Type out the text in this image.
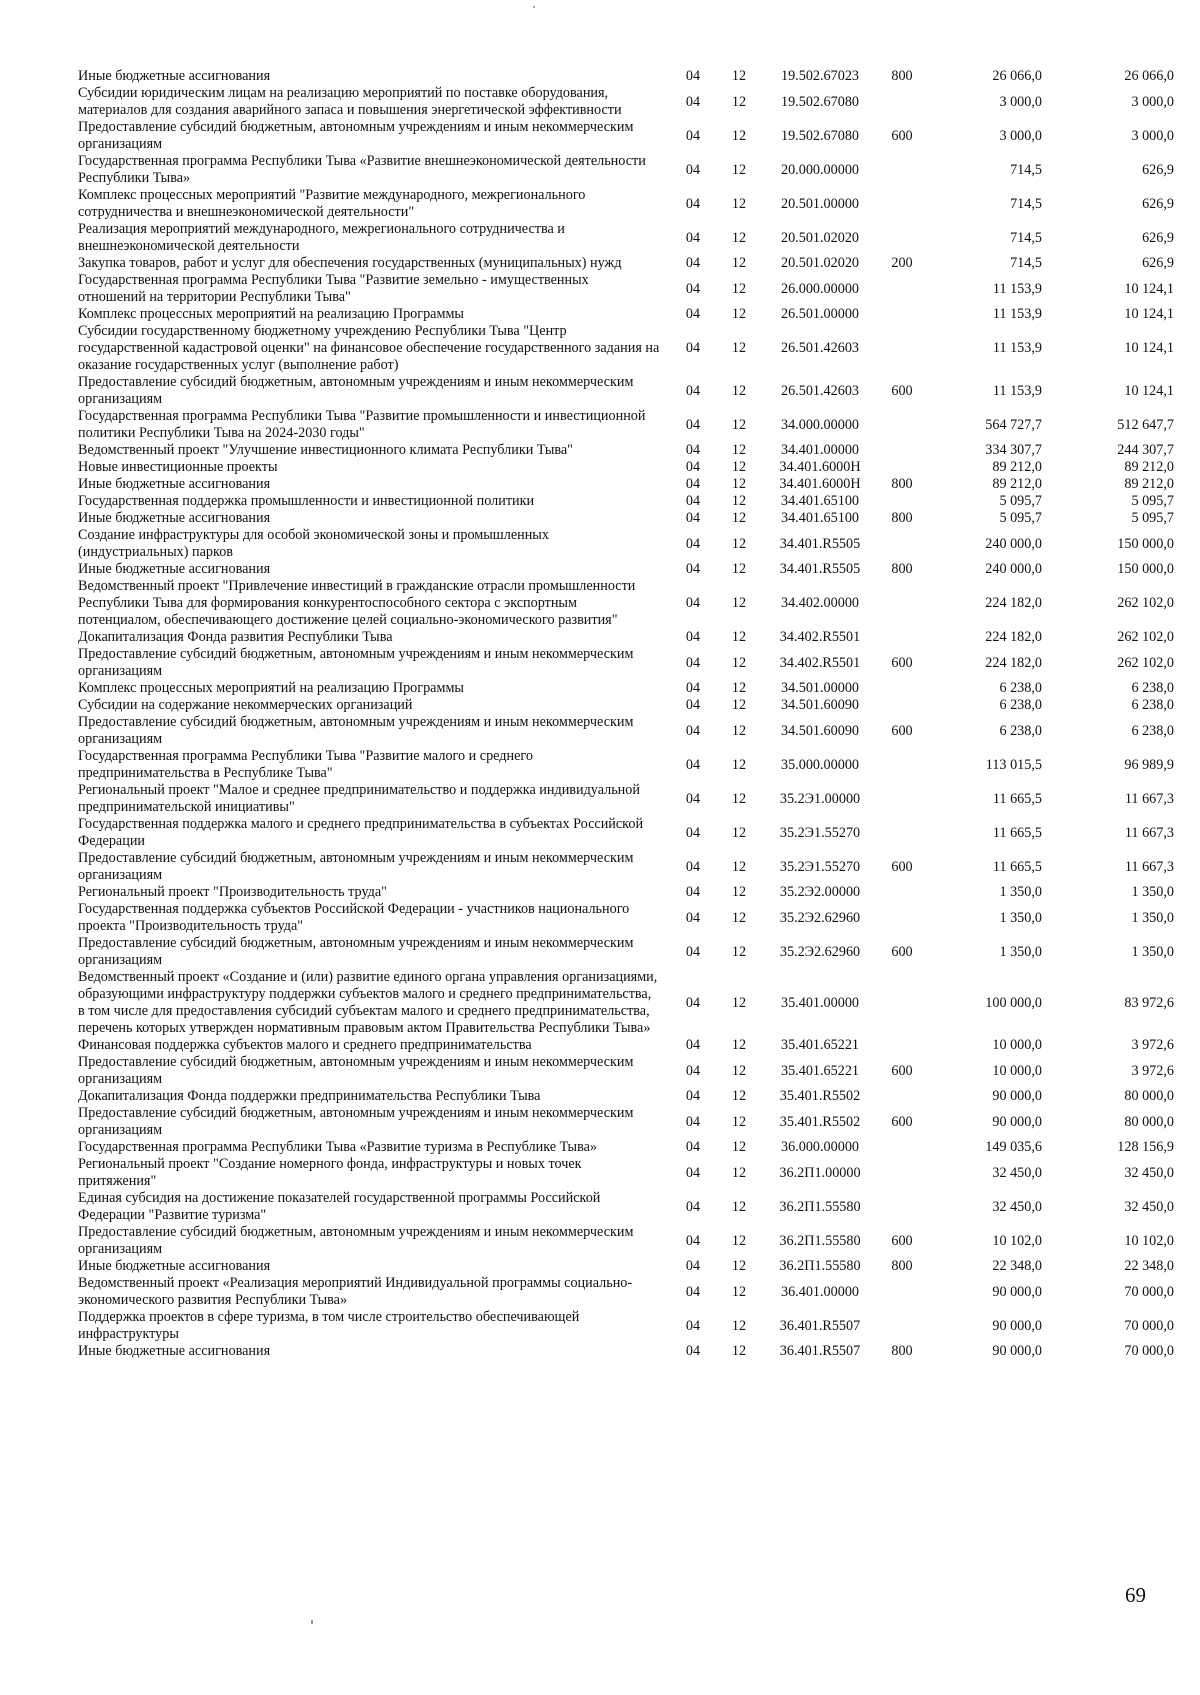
Иные бюджетные ассигнования	04	12	19.502.67023	800	26 066,0	26 066,0
Субсидии юридическим лицам на реализацию мероприятий по поставке оборудования, материалов для создания аварийного запаса и повышения энергетической эффективности	04	12	19.502.67080		3 000,0	3 000,0
Предоставление субсидий бюджетным, автономным учреждениям и иным некоммерческим организациям	04	12	19.502.67080	600	3 000,0	3 000,0
Государственная программа Республики Тыва «Развитие внешнеэкономической деятельности Республики Тыва»	04	12	20.000.00000		714,5	626,9
Комплекс процессных мероприятий "Развитие международного, межрегионального сотрудничества и внешнеэкономической деятельности"	04	12	20.501.00000		714,5	626,9
Реализация мероприятий международного, межрегионального сотрудничества и внешнеэкономической деятельности	04	12	20.501.02020		714,5	626,9
Закупка товаров, работ и услуг для обеспечения государственных (муниципальных) нужд	04	12	20.501.02020	200	714,5	626,9
Государственная программа Республики Тыва "Развитие земельно - имущественных отношений на территории Республики Тыва"	04	12	26.000.00000		11 153,9	10 124,1
Комплекс процессных мероприятий на реализацию Программы	04	12	26.501.00000		11 153,9	10 124,1
Субсидии государственному бюджетному учреждению Республики Тыва "Центр государственной кадастровой оценки" на финансовое обеспечение государственного задания на оказание государственных услуг (выполнение работ)	04	12	26.501.42603		11 153,9	10 124,1
Предоставление субсидий бюджетным, автономным учреждениям и иным некоммерческим организациям	04	12	26.501.42603	600	11 153,9	10 124,1
Государственная программа Республики Тыва "Развитие промышленности и инвестиционной политики Республики Тыва на 2024-2030 годы"	04	12	34.000.00000		564 727,7	512 647,7
Ведомственный проект "Улучшение инвестиционного климата Республики Тыва"	04	12	34.401.00000		334 307,7	244 307,7
Новые инвестиционные проекты	04	12	34.401.6000Н		89 212,0	89 212,0
Иные бюджетные ассигнования	04	12	34.401.6000Н	800	89 212,0	89 212,0
Государственная поддержка промышленности и инвестиционной политики	04	12	34.401.65100		5 095,7	5 095,7
Иные бюджетные ассигнования	04	12	34.401.65100	800	5 095,7	5 095,7
Создание инфраструктуры для особой экономической зоны и промышленных (индустриальных) парков	04	12	34.401.R5505		240 000,0	150 000,0
Иные бюджетные ассигнования	04	12	34.401.R5505	800	240 000,0	150 000,0
Ведомственный проект "Привлечение инвестиций в гражданские отрасли промышленности Республики Тыва для формирования конкурентоспособного сектора с экспортным потенциалом, обеспечивающего достижение целей социально-экономического развития"	04	12	34.402.00000		224 182,0	262 102,0
Докапитализация Фонда развития Республики Тыва	04	12	34.402.R5501		224 182,0	262 102,0
Предоставление субсидий бюджетным, автономным учреждениям и иным некоммерческим организациям	04	12	34.402.R5501	600	224 182,0	262 102,0
Комплекс процессных мероприятий на реализацию Программы	04	12	34.501.00000		6 238,0	6 238,0
Субсидии на содержание некоммерческих организаций	04	12	34.501.60090		6 238,0	6 238,0
Предоставление субсидий бюджетным, автономным учреждениям и иным некоммерческим организациям	04	12	34.501.60090	600	6 238,0	6 238,0
Государственная программа Республики Тыва "Развитие малого и среднего предпринимательства в Республике Тыва"	04	12	35.000.00000		113 015,5	96 989,9
Региональный проект "Малое и среднее предпринимательство и поддержка индивидуальной предпринимательской инициативы"	04	12	35.2Э1.00000		11 665,5	11 667,3
Государственная поддержка малого и среднего предпринимательства в субъектах Российской Федерации	04	12	35.2Э1.55270		11 665,5	11 667,3
Предоставление субсидий бюджетным, автономным учреждениям и иным некоммерческим организациям	04	12	35.2Э1.55270	600	11 665,5	11 667,3
Региональный проект "Производительность труда"	04	12	35.2Э2.00000		1 350,0	1 350,0
Государственная поддержка субъектов Российской Федерации - участников национального проекта "Производительность труда"	04	12	35.2Э2.62960		1 350,0	1 350,0
Предоставление субсидий бюджетным, автономным учреждениям и иным некоммерческим организациям	04	12	35.2Э2.62960	600	1 350,0	1 350,0
Ведомственный проект «Создание и (или) развитие единого органа управления организациями, образующими инфраструктуру поддержки субъектов малого и среднего предпринимательства, в том числе для предоставления субсидий субъектам малого и среднего предпринимательства, перечень которых утвержден нормативным правовым актом Правительства Республики Тыва»	04	12	35.401.00000		100 000,0	83 972,6
Финансовая поддержка субъектов малого и среднего предпринимательства	04	12	35.401.65221		10 000,0	3 972,6
Предоставление субсидий бюджетным, автономным учреждениям и иным некоммерческим организациям	04	12	35.401.65221	600	10 000,0	3 972,6
Докапитализация Фонда поддержки предпринимательства Республики Тыва	04	12	35.401.R5502		90 000,0	80 000,0
Предоставление субсидий бюджетным, автономным учреждениям и иным некоммерческим организациям	04	12	35.401.R5502	600	90 000,0	80 000,0
Государственная программа Республики Тыва «Развитие туризма в Республике Тыва»	04	12	36.000.00000		149 035,6	128 156,9
Региональный проект "Создание номерного фонда, инфраструктуры и новых точек притяжения"	04	12	36.2П1.00000		32 450,0	32 450,0
Единая субсидия на достижение показателей государственной программы Российской Федерации "Развитие туризма"	04	12	36.2П1.55580		32 450,0	32 450,0
Предоставление субсидий бюджетным, автономным учреждениям и иным некоммерческим организациям	04	12	36.2П1.55580	600	10 102,0	10 102,0
Иные бюджетные ассигнования	04	12	36.2П1.55580	800	22 348,0	22 348,0
Ведомственный проект «Реализация мероприятий Индивидуальной программы социально-экономического развития Республики Тыва»	04	12	36.401.00000		90 000,0	70 000,0
Поддержка проектов в сфере туризма, в том числе строительство обеспечивающей инфраструктуры	04	12	36.401.R5507		90 000,0	70 000,0
Иные бюджетные ассигнования	04	12	36.401.R5507	800	90 000,0	70 000,0
69
